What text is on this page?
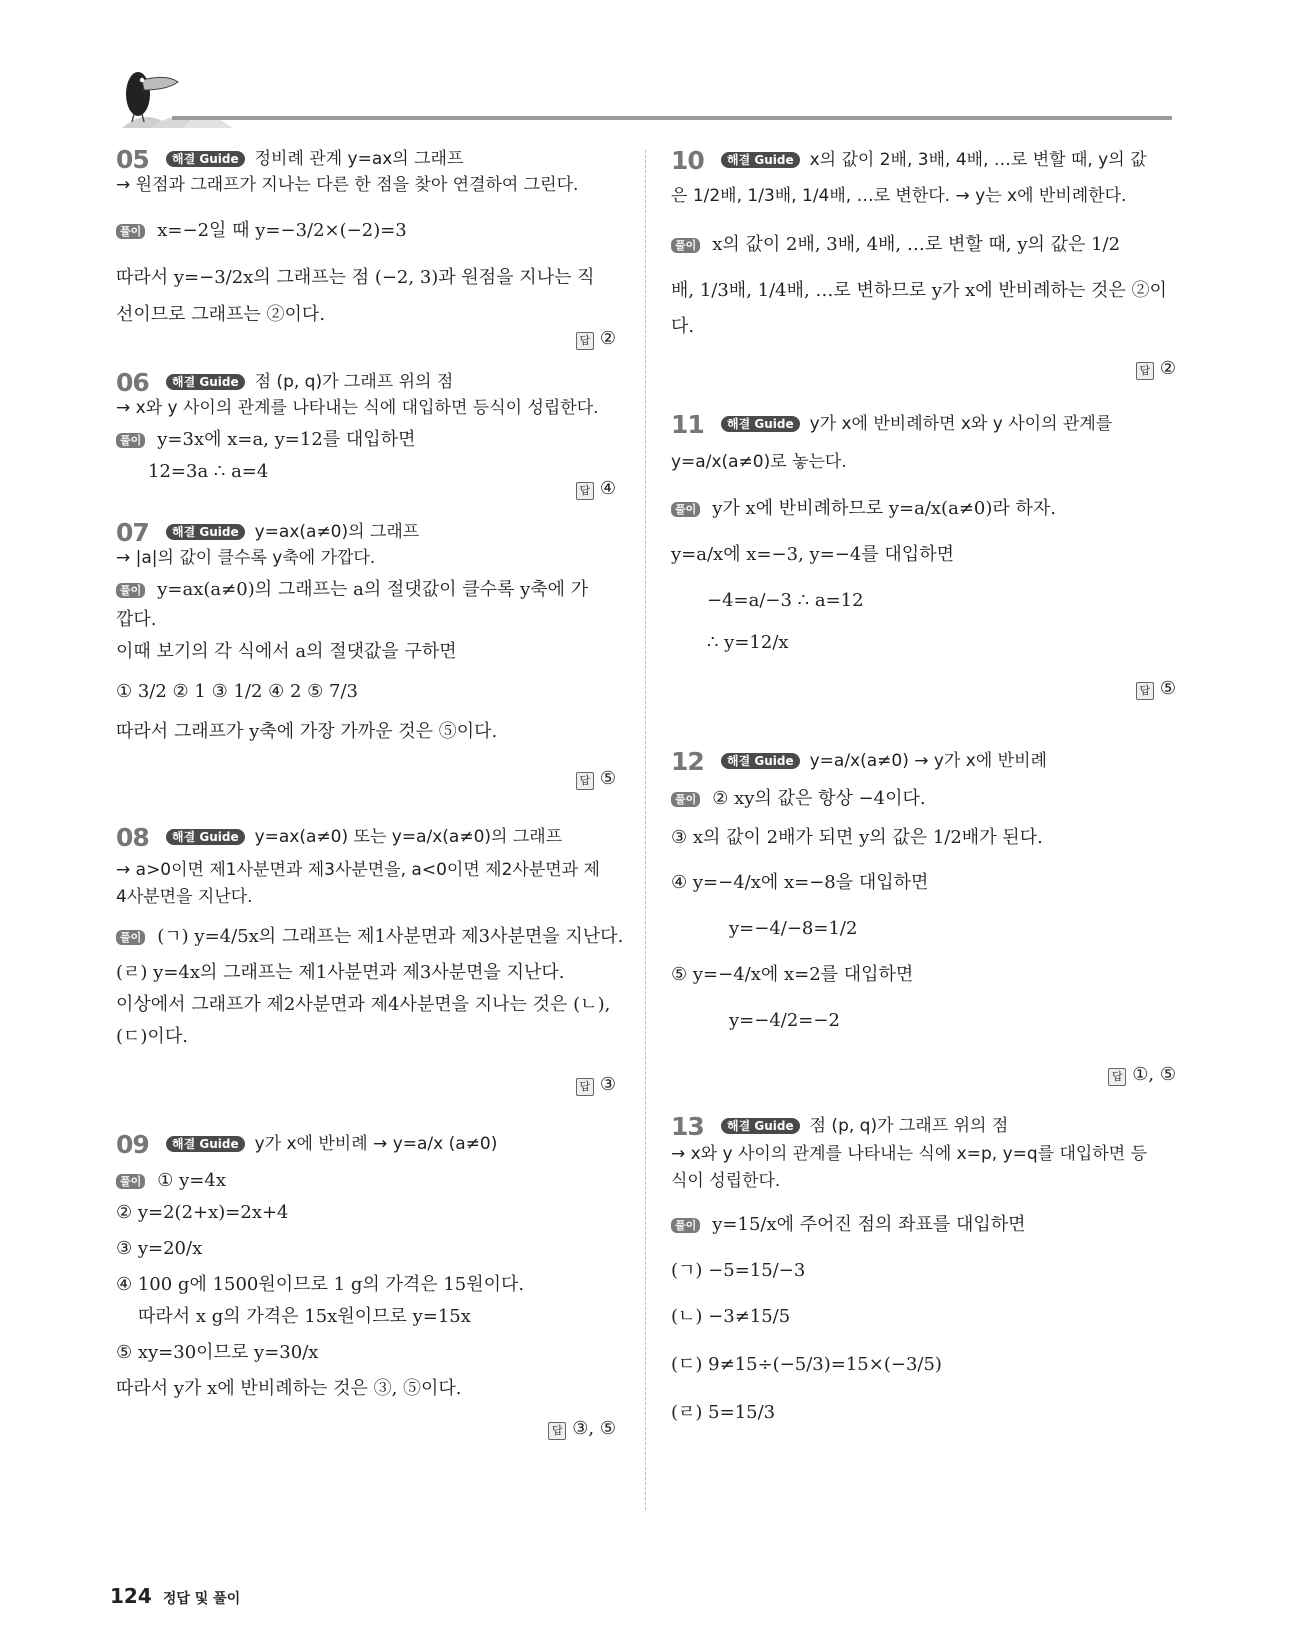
05	해결 Guide 정비례 관계 y=ax의 그래프
→ 원점과 그래프가 지나는 다른 한 점을 찾아 연결하여 그린다.
풀이 x=−2일 때 y=−3/2×(−2)=3
따라서 y=−3/2x의 그래프는 점 (−2, 3)과 원점을 지나는 직
선이므로 그래프는 ②이다.
답 ②
06	해결 Guide 점 (p, q)가 그래프 위의 점
→ x와 y 사이의 관계를 나타내는 식에 대입하면 등식이 성립한다.
풀이 y=3x에 x=a, y=12를 대입하면
12=3a ∴ a=4
답 ④
07	해결 Guide y=ax(a≠0)의 그래프
→ |a|의 값이 클수록 y축에 가깝다.
풀이 y=ax(a≠0)의 그래프는 a의 절댓값이 클수록 y축에 가
깝다.
이때 보기의 각 식에서 a의 절댓값을 구하면
① 3/2 ② 1 ③ 1/2 ④ 2 ⑤ 7/3
따라서 그래프가 y축에 가장 가까운 것은 ⑤이다.
답 ⑤
08	해결 Guide y=ax(a≠0) 또는 y=a/x(a≠0)의 그래프
→ a>0이면 제1사분면과 제3사분면을, a<0이면 제2사분면과 제
4사분면을 지난다.
풀이 (ㄱ) y=4/5x의 그래프는 제1사분면과 제3사분면을 지난다.
(ㄹ) y=4x의 그래프는 제1사분면과 제3사분면을 지난다.
이상에서 그래프가 제2사분면과 제4사분면을 지나는 것은 (ㄴ),
(ㄷ)이다.
답 ③
09	해결 Guide y가 x에 반비례 → y=a/x (a≠0)
풀이 ① y=4x
② y=2(2+x)=2x+4
③ y=20/x
④ 100 g에 1500원이므로 1 g의 가격은 15원이다.
따라서 x g의 가격은 15x원이므로 y=15x
⑤ xy=30이므로 y=30/x
따라서 y가 x에 반비례하는 것은 ③, ⑤이다.
답 ③, ⑤
10	해결 Guide x의 값이 2배, 3배, 4배, …로 변할 때, y의 값
은 1/2배, 1/3배, 1/4배, …로 변한다. → y는 x에 반비례한다.
풀이 x의 값이 2배, 3배, 4배, …로 변할 때, y의 값은 1/2
배, 1/3배, 1/4배, …로 변하므로 y가 x에 반비례하는 것은 ②이
다.
답 ②
11	해결 Guide y가 x에 반비례하면 x와 y 사이의 관계를
y=a/x(a≠0)로 놓는다.
풀이 y가 x에 반비례하므로 y=a/x(a≠0)라 하자.
y=a/x에 x=−3, y=−4를 대입하면
−4=a/−3 ∴ a=12
∴ y=12/x
답 ⑤
12	해결 Guide y=a/x(a≠0) → y가 x에 반비례
풀이 ② xy의 값은 항상 −4이다.
③ x의 값이 2배가 되면 y의 값은 1/2배가 된다.
④ y=−4/x에 x=−8을 대입하면
y=−4/−8=1/2
⑤ y=−4/x에 x=2를 대입하면
y=−4/2=−2
답 ①, ⑤
13	해결 Guide 점 (p, q)가 그래프 위의 점
→ x와 y 사이의 관계를 나타내는 식에 x=p, y=q를 대입하면 등
식이 성립한다.
풀이 y=15/x에 주어진 점의 좌표를 대입하면
(ㄱ) −5=15/−3
(ㄴ) −3≠15/5
(ㄷ) 9≠15÷(−5/3)=15×(−3/5)
(ㄹ) 5=15/3
124 정답 및 풀이
